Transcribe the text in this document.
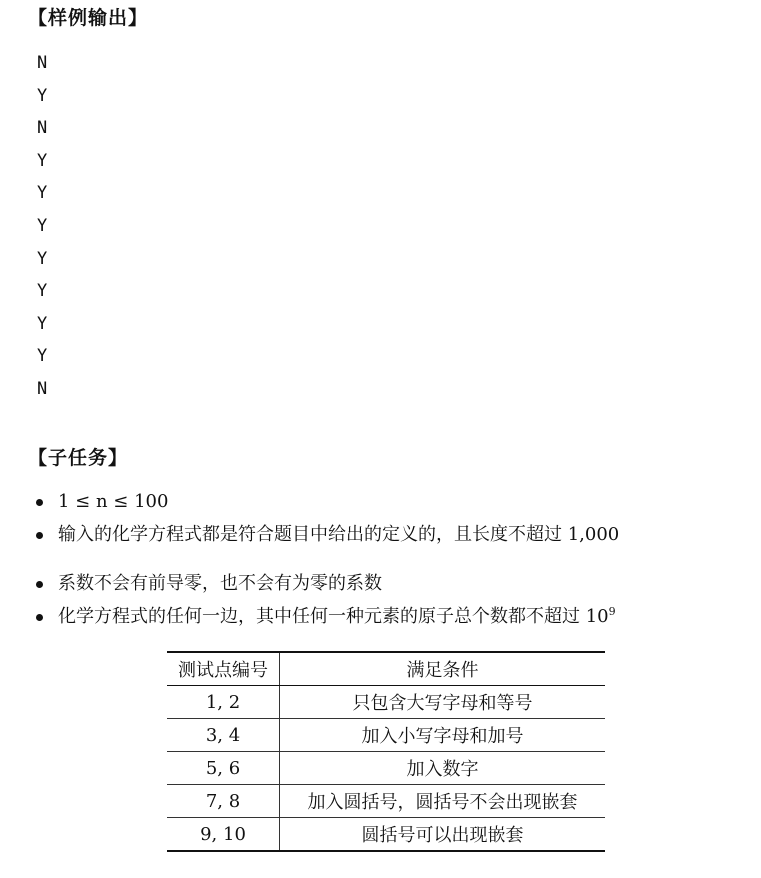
【样例输出】
N
Y
N
Y
Y
Y
Y
Y
Y
Y
N
【子任务】
1 ≤ n ≤ 100
输入的化学方程式都是符合题目中给出的定义的，且长度不超过 1,000
系数不会有前导零，也不会有为零的系数
化学方程式的任何一边，其中任何一种元素的原子总个数都不超过 $10^9$
测试点编号	满足条件
1, 2	只包含大写字母和等号
3, 4	加入小写字母和加号
5, 6	加入数字
7, 8	加入圆括号，圆括号不会出现嵌套
9, 10	圆括号可以出现嵌套
